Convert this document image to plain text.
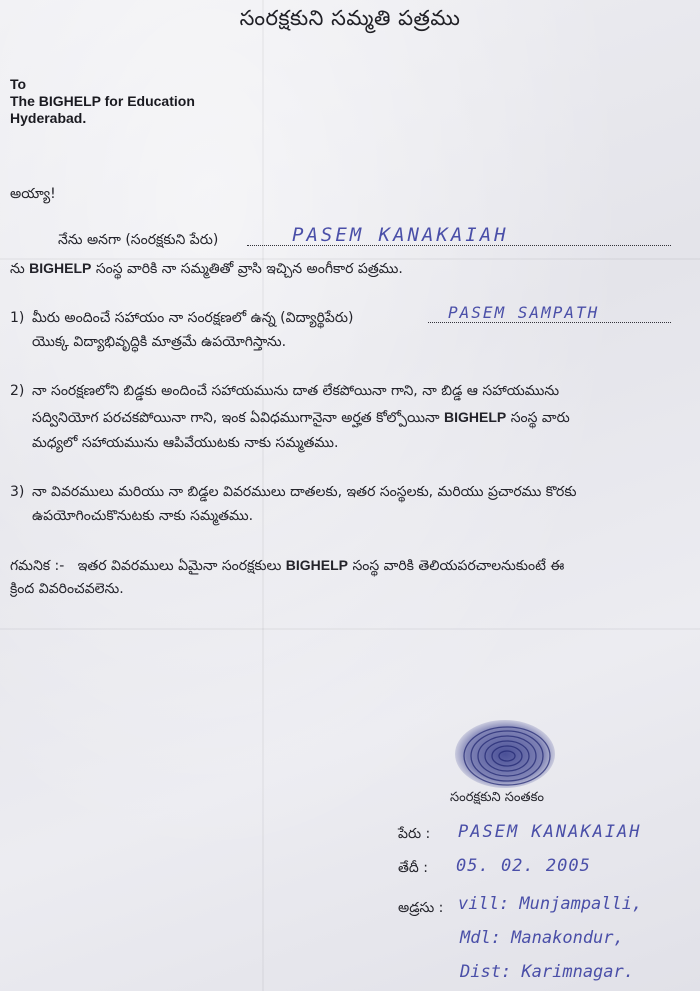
సంరక్షకుని సమ్మతి పత్రము
To
The BIGHELP for Education
Hyderabad.
అయ్యా!
నేను అనగా (సంరక్షకుని పేరు)	PASEM KANAKAIAH
ను BIGHELP సంస్థ వారికి నా సమ్మతితో వ్రాసి ఇచ్చిన అంగీకార పత్రము.
1) మీరు అందించే సహాయం నా సంరక్షణలో ఉన్న (విద్యార్థిపేరు)	PASEM SAMPATH
యొక్క విద్యాభివృద్ధికి మాత్రమే ఉపయోగిస్తాను.
2) నా సంరక్షణలోని బిడ్డకు అందించే సహాయమును దాత లేకపోయినా గాని, నా బిడ్డ ఆ సహాయమును
సద్వినియోగ పరచకపోయినా గాని, ఇంక ఏవిధముగానైనా అర్హత కోల్పోయినా BIGHELP సంస్థ వారు
మధ్యలో సహాయమును ఆపివేయుటకు నాకు సమ్మతము.
3) నా వివరములు మరియు నా బిడ్డల వివరములు దాతలకు, ఇతర సంస్థలకు, మరియు ప్రచారము కొరకు
ఉపయోగించుకొనుటకు నాకు సమ్మతము.
గమనిక :- ఇతర వివరములు ఏమైనా సంరక్షకులు BIGHELP సంస్థ వారికి తెలియపరచాలనుకుంటే ఈ
క్రింద వివరించవలెను.
సంరక్షకుని సంతకం
పేరు : PASEM KANAKAIAH
తేదీ : 05. 02. 2005
అడ్రసు : vill: Munjampalli,
Mdl: Manakondur,
Dist: Karimnagar.
